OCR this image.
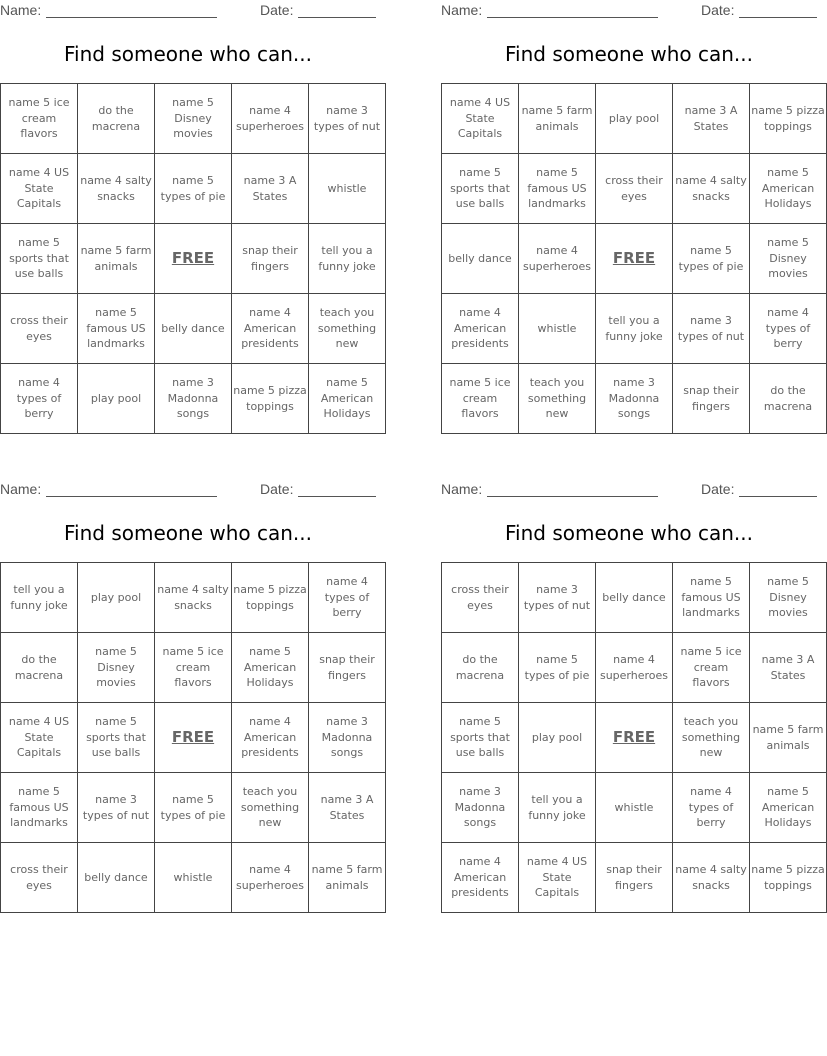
Name:	Date:
Find someone who can...
name 5 ice cream flavors	do the macrena	name 5 Disney movies	name 4 superheroes	name 3 types of nut
name 4 US State Capitals	name 4 salty snacks	name 5 types of pie	name 3 A States	whistle
name 5 sports that use balls	name 5 farm animals	FREE	snap their fingers	tell you a funny joke
cross their eyes	name 5 famous US landmarks	belly dance	name 4 American presidents	teach you something new
name 4 types of berry	play pool	name 3 Madonna songs	name 5 pizza toppings	name 5 American Holidays
Name:	Date:
Find someone who can...
name 4 US State Capitals	name 5 farm animals	play pool	name 3 A States	name 5 pizza toppings
name 5 sports that use balls	name 5 famous US landmarks	cross their eyes	name 4 salty snacks	name 5 American Holidays
belly dance	name 4 superheroes	FREE	name 5 types of pie	name 5 Disney movies
name 4 American presidents	whistle	tell you a funny joke	name 3 types of nut	name 4 types of berry
name 5 ice cream flavors	teach you something new	name 3 Madonna songs	snap their fingers	do the macrena
Name:	Date:
Find someone who can...
tell you a funny joke	play pool	name 4 salty snacks	name 5 pizza toppings	name 4 types of berry
do the macrena	name 5 Disney movies	name 5 ice cream flavors	name 5 American Holidays	snap their fingers
name 4 US State Capitals	name 5 sports that use balls	FREE	name 4 American presidents	name 3 Madonna songs
name 5 famous US landmarks	name 3 types of nut	name 5 types of pie	teach you something new	name 3 A States
cross their eyes	belly dance	whistle	name 4 superheroes	name 5 farm animals
Name:	Date:
Find someone who can...
cross their eyes	name 3 types of nut	belly dance	name 5 famous US landmarks	name 5 Disney movies
do the macrena	name 5 types of pie	name 4 superheroes	name 5 ice cream flavors	name 3 A States
name 5 sports that use balls	play pool	FREE	teach you something new	name 5 farm animals
name 3 Madonna songs	tell you a funny joke	whistle	name 4 types of berry	name 5 American Holidays
name 4 American presidents	name 4 US State Capitals	snap their fingers	name 4 salty snacks	name 5 pizza toppings
